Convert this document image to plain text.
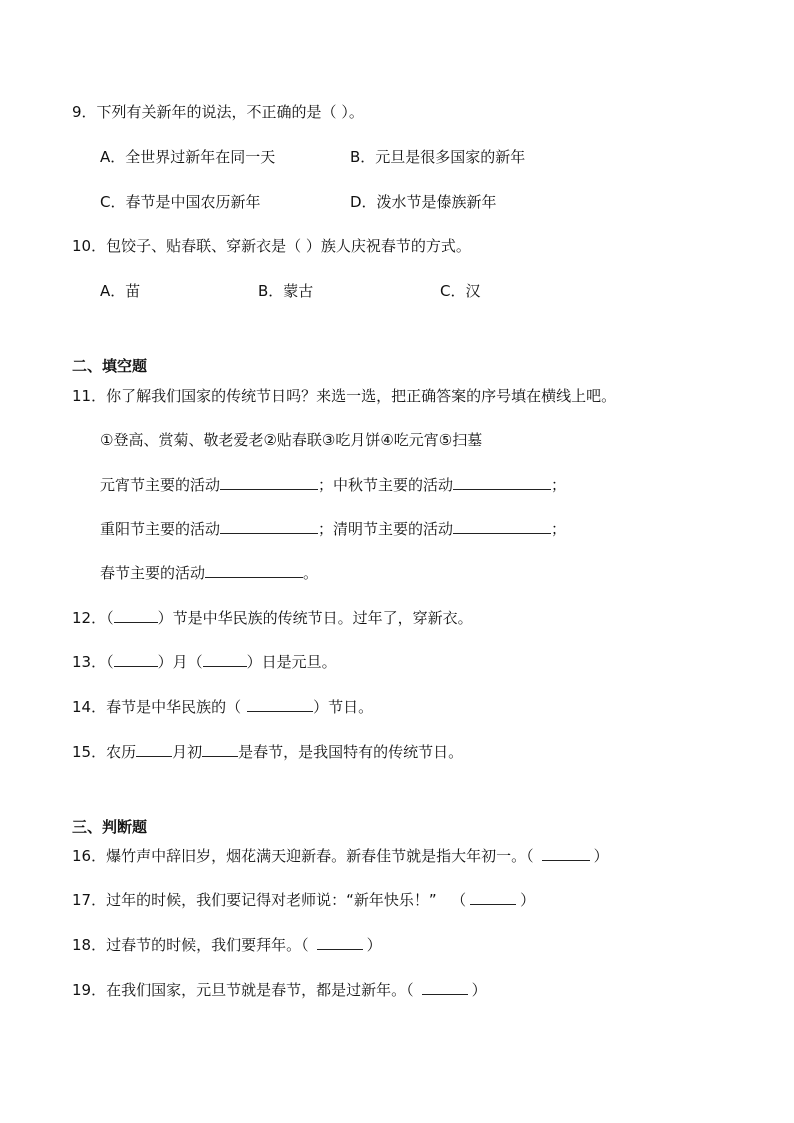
9．下列有关新年的说法，不正确的是（ ）。
A．全世界过新年在同一天	B．元旦是很多国家的新年
C．春节是中国农历新年	D．泼水节是傣族新年
10．包饺子、贴春联、穿新衣是（ ）族人庆祝春节的方式。
A．苗	B．蒙古	C．汉
二、填空题
11．你了解我们国家的传统节日吗？来选一选，把正确答案的序号填在横线上吧。
①登高、赏菊、敬老爱老②贴春联③吃月饼④吃元宵⑤扫墓
元宵节主要的活动	；中秋节主要的活动	；
重阳节主要的活动	；清明节主要的活动	；
春节主要的活动	。
12．（	）节是中华民族的传统节日。过年了，穿新衣。
13．（	）月（	）日是元旦。
14．春节是中华民族的（	）节日。
15．农历 月初 是春节，是我国特有的传统节日。
三、判断题
16．爆竹声中辞旧岁，烟花满天迎新春。新春佳节就是指大年初一。（	）
17．过年的时候，我们要记得对老师说：“新年快乐！” （	）
18．过春节的时候，我们要拜年。（	）
19．在我们国家，元旦节就是春节，都是过新年。（	）
